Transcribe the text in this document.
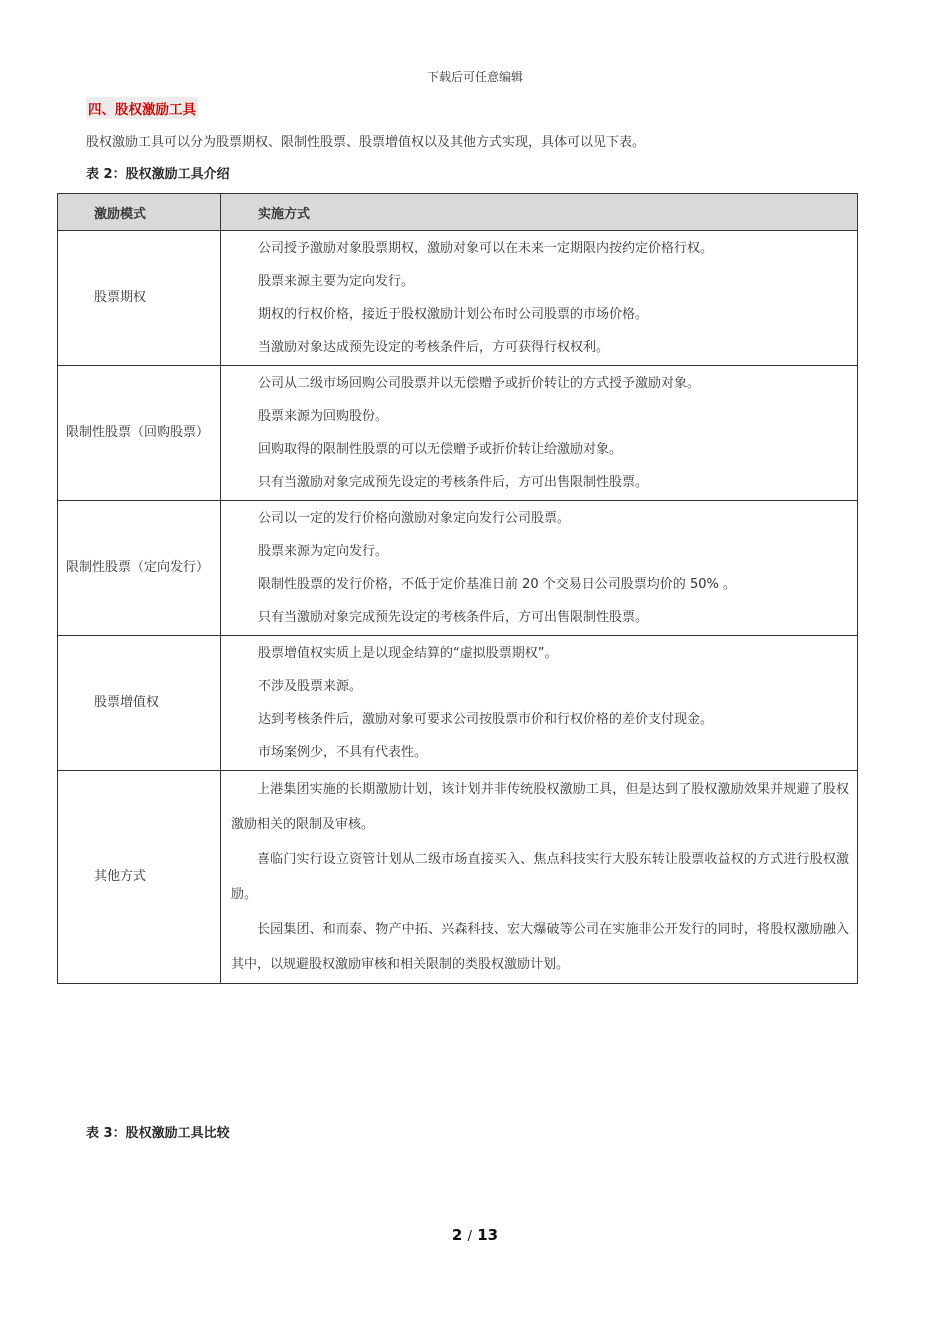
下载后可任意编辑
四、股权激励工具
股权激励工具可以分为股票期权、限制性股票、股票增值权以及其他方式实现，具体可以见下表。
表 2：股权激励工具介绍
激励模式	实施方式
股票期权	公司授予激励对象股票期权，激励对象可以在未来一定期限内按约定价格行权。

股票来源主要为定向发行。

期权的行权价格，接近于股权激励计划公布时公司股票的市场价格。

当激励对象达成预先设定的考核条件后，方可获得行权权利。

限制性股票（回购股票）	公司从二级市场回购公司股票并以无偿赠予或折价转让的方式授予激励对象。

股票来源为回购股份。

回购取得的限制性股票的可以无偿赠予或折价转让给激励对象。

只有当激励对象完成预先设定的考核条件后，方可出售限制性股票。

限制性股票（定向发行）	公司以一定的发行价格向激励对象定向发行公司股票。

股票来源为定向发行。

限制性股票的发行价格，不低于定价基准日前 20 个交易日公司股票均价的 50% 。

只有当激励对象完成预先设定的考核条件后，方可出售限制性股票。

股票增值权	股票增值权实质上是以现金结算的“虚拟股票期权”。

不涉及股票来源。

达到考核条件后，激励对象可要求公司按股票市价和行权价格的差价支付现金。

市场案例少，不具有代表性。

其他方式	上港集团实施的长期激励计划，该计划并非传统股权激励工具，但是达到了股权激励效果并规避了股权激励相关的限制及审核。

喜临门实行设立资管计划从二级市场直接买入、焦点科技实行大股东转让股票收益权的方式进行股权激励。

长园集团、和而泰、物产中拓、兴森科技、宏大爆破等公司在实施非公开发行的同时，将股权激励融入其中，以规避股权激励审核和相关限制的类股权激励计划。

表 3：股权激励工具比较
2 / 13
